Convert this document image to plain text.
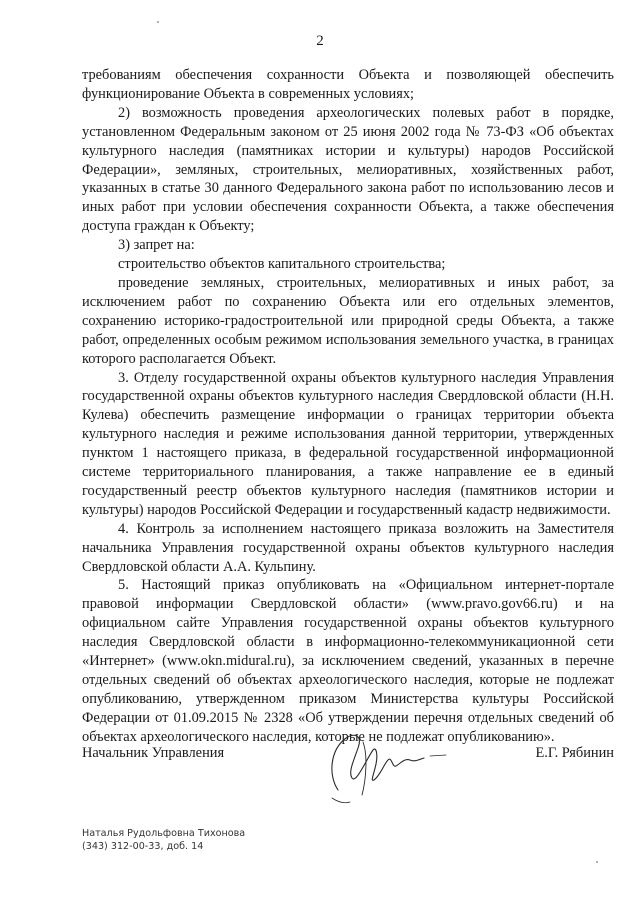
2

требованиям обеспечения сохранности Объекта и позволяющей обеспечить функционирование Объекта в современных условиях;

2) возможность проведения археологических полевых работ в порядке, установленном Федеральным законом от 25 июня 2002 года № 73-ФЗ «Об объектах культурного наследия (памятниках истории и культуры) народов Российской Федерации», земляных, строительных, мелиоративных, хозяйственных работ, указанных в статье 30 данного Федерального закона работ по использованию лесов и иных работ при условии обеспечения сохранности Объекта, а также обеспечения доступа граждан к Объекту;

3) запрет на:

строительство объектов капитального строительства;

проведение земляных, строительных, мелиоративных и иных работ, за исключением работ по сохранению Объекта или его отдельных элементов, сохранению историко-градостроительной или природной среды Объекта, а также работ, определенных особым режимом использования земельного участка, в границах которого располагается Объект.

3. Отделу государственной охраны объектов культурного наследия Управления государственной охраны объектов культурного наследия Свердловской области (Н.Н. Кулева) обеспечить размещение информации о границах территории объекта культурного наследия и режиме использования данной территории, утвержденных пунктом 1 настоящего приказа, в федеральной государственной информационной системе территориального планирования, а также направление ее в единый государственный реестр объектов культурного наследия (памятников истории и культуры) народов Российской Федерации и государственный кадастр недвижимости.

4. Контроль за исполнением настоящего приказа возложить на Заместителя начальника Управления государственной охраны объектов культурного наследия Свердловской области А.А. Кульпину.

5. Настоящий приказ опубликовать на «Официальном интернет-портале правовой информации Свердловской области» (www.pravo.gov66.ru) и на официальном сайте Управления государственной охраны объектов культурного наследия Свердловской области в информационно-телекоммуникационной сети «Интернет» (www.okn.midural.ru), за исключением сведений, указанных в перечне отдельных сведений об объектах археологического наследия, которые не подлежат опубликованию, утвержденном приказом Министерства культуры Российской Федерации от 01.09.2015 № 2328 «Об утверждении перечня отдельных сведений об объектах археологического наследия, которые не подлежат опубликованию».

Начальник Управления	Е.Г. Рябинин
Наталья Рудольфовна Тихонова
(343) 312-00-33, доб. 14
